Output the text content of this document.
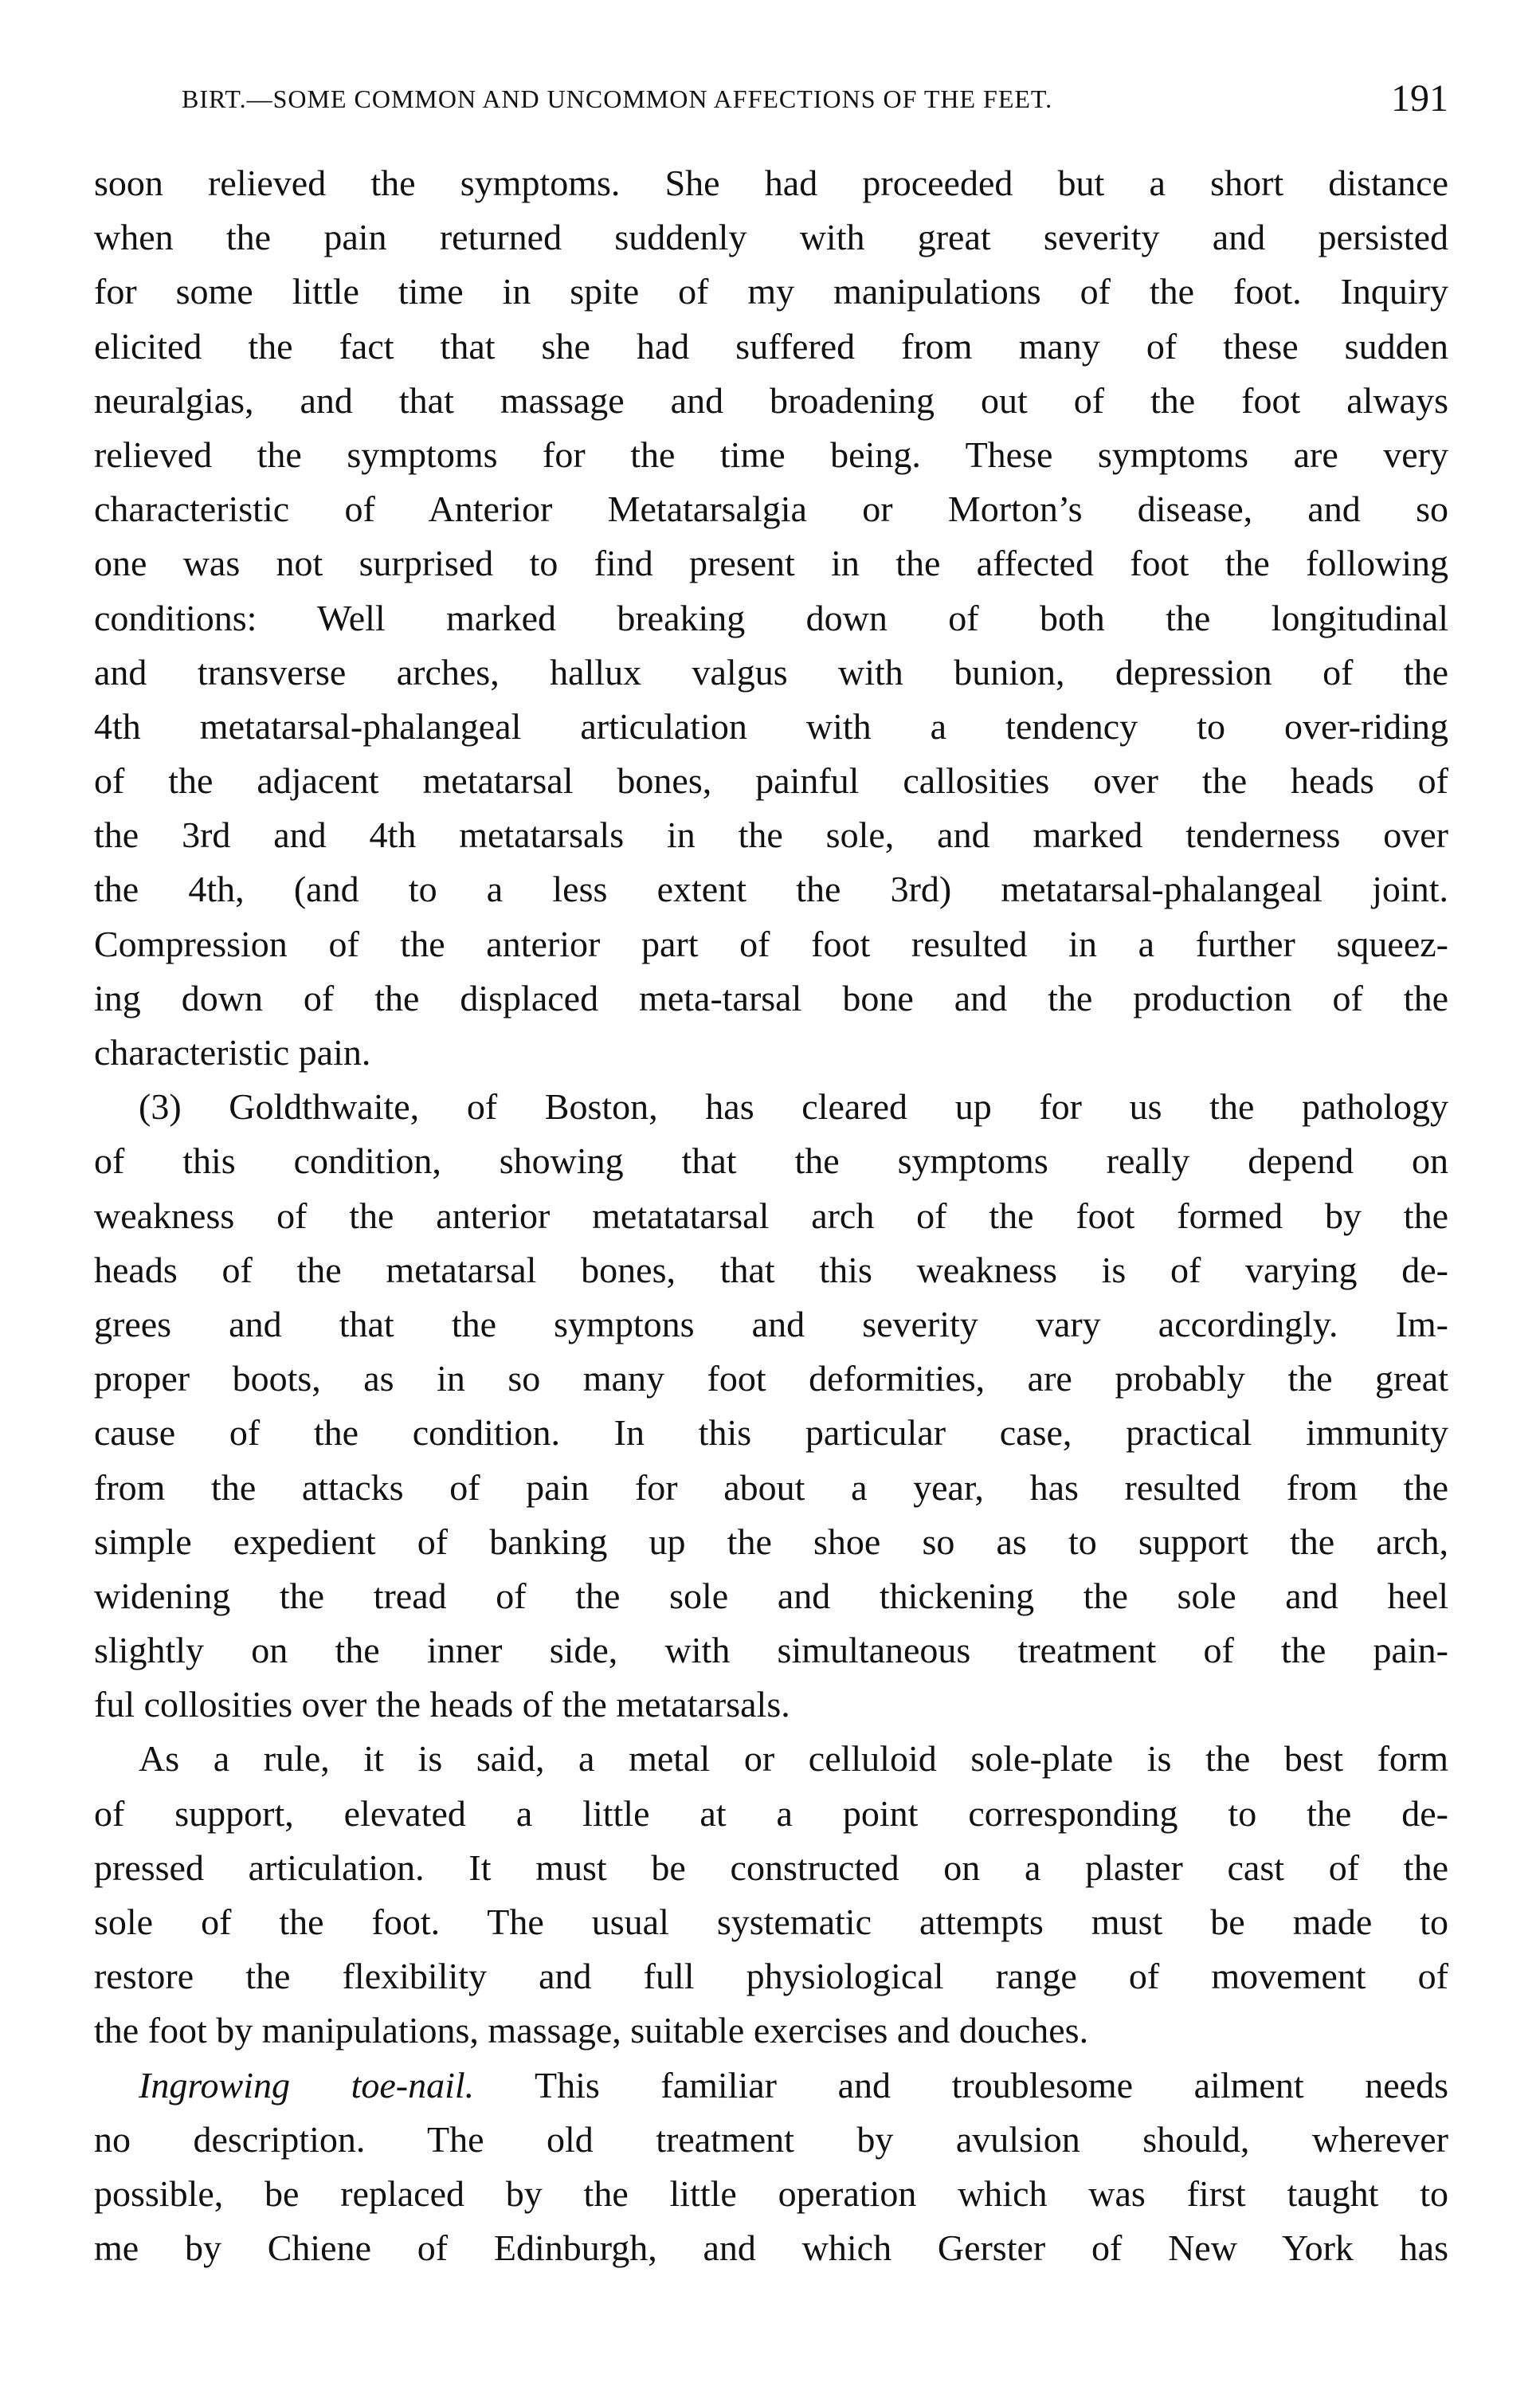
BIRT.—SOME COMMON AND UNCOMMON AFFECTIONS OF THE FEET.	191
soon relieved the symptoms. She had proceeded but a short distance
when the pain returned suddenly with great severity and persisted
for some little time in spite of my manipulations of the foot. Inquiry
elicited the fact that she had suffered from many of these sudden
neuralgias, and that massage and broadening out of the foot always
relieved the symptoms for the time being. These symptoms are very
characteristic of Anterior Metatarsalgia or Morton’s disease, and so
one was not surprised to find present in the affected foot the following
conditions: Well marked breaking down of both the longitudinal
and transverse arches, hallux valgus with bunion, depression of the
4th metatarsal-phalangeal articulation with a tendency to over-riding
of the adjacent metatarsal bones, painful callosities over the heads of
the 3rd and 4th metatarsals in the sole, and marked tenderness over
the 4th, (and to a less extent the 3rd) metatarsal-phalangeal joint.
Compression of the anterior part of foot resulted in a further squeez-
ing down of the displaced meta-tarsal bone and the production of the
characteristic pain.
(3) Goldthwaite, of Boston, has cleared up for us the pathology
of this condition, showing that the symptoms really depend on
weakness of the anterior metatatarsal arch of the foot formed by the
heads of the metatarsal bones, that this weakness is of varying de-
grees and that the symptons and severity vary accordingly. Im-
proper boots, as in so many foot deformities, are probably the great
cause of the condition. In this particular case, practical immunity
from the attacks of pain for about a year, has resulted from the
simple expedient of banking up the shoe so as to support the arch,
widening the tread of the sole and thickening the sole and heel
slightly on the inner side, with simultaneous treatment of the pain-
ful collosities over the heads of the metatarsals.
As a rule, it is said, a metal or celluloid sole-plate is the best form
of support, elevated a little at a point corresponding to the de-
pressed articulation. It must be constructed on a plaster cast of the
sole of the foot. The usual systematic attempts must be made to
restore the flexibility and full physiological range of movement of
the foot by manipulations, massage, suitable exercises and douches.
Ingrowing toe-nail. This familiar and troublesome ailment needs
no description. The old treatment by avulsion should, wherever
possible, be replaced by the little operation which was first taught to
me by Chiene of Edinburgh, and which Gerster of New York has
